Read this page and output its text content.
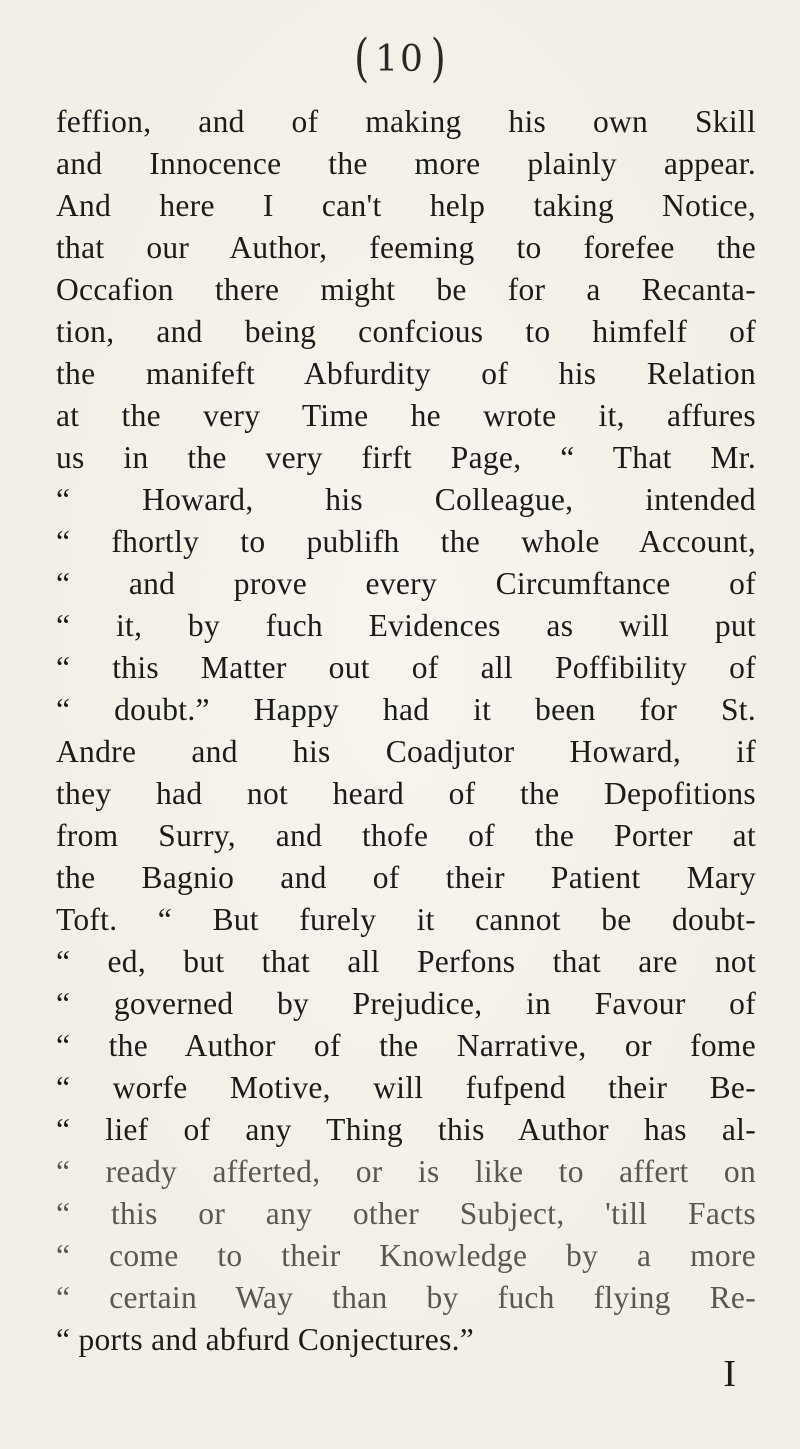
( 10 )
feffion, and of making his own Skill
and Innocence the more plainly appear.
And here I can't help taking Notice,
that our Author, feeming to forefee the
Occafion there might be for a Recanta-
tion, and being confcious to himfelf of
the manifeft Abfurdity of his Relation
at the very Time he wrote it, affures
us in the very firft Page, “ That Mr.
“ Howard, his Colleague, intended
“ fhortly to publifh the whole Account,
“ and prove every Circumftance of
“ it, by fuch Evidences as will put
“ this Matter out of all Poffibility of
“ doubt.” Happy had it been for St.
Andre and his Coadjutor Howard, if
they had not heard of the Depofitions
from Surry, and thofe of the Porter at
the Bagnio and of their Patient Mary
Toft. “ But furely it cannot be doubt-
“ ed, but that all Perfons that are not
“ governed by Prejudice, in Favour of
“ the Author of the Narrative, or fome
“ worfe Motive, will fufpend their Be-
“ lief of any Thing this Author has al-
“ ready afferted, or is like to affert on
“ this or any other Subject, 'till Facts
“ come to their Knowledge by a more
“ certain Way than by fuch flying Re-
“ ports and abfurd Conjectures.”
I
